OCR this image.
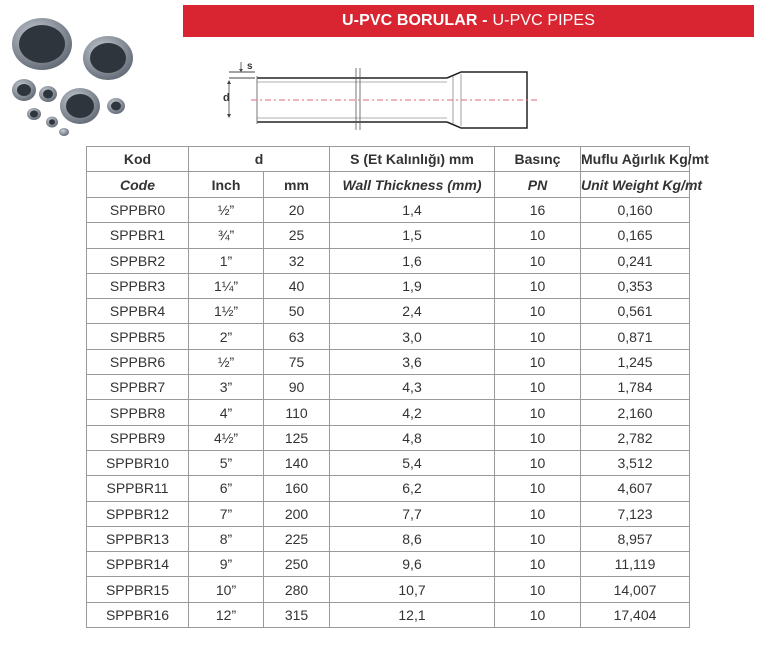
U-PVC BORULAR - U-PVC PIPES
s
d
Kod	d		S (Et Kalınlığı) mm	Basınç	Muflu Ağırlık Kg/mt
Code	Inch	mm	Wall Thickness (mm)	PN	Unit Weight Kg/mt
SPPBR0	½”	20	1,4	16	0,160
SPPBR1	¾”	25	1,5	10	0,165
SPPBR2	1”	32	1,6	10	0,241
SPPBR3	1¼”	40	1,9	10	0,353
SPPBR4	1½”	50	2,4	10	0,561
SPPBR5	2”	63	3,0	10	0,871
SPPBR6	½”	75	3,6	10	1,245
SPPBR7	3”	90	4,3	10	1,784
SPPBR8	4”	110	4,2	10	2,160
SPPBR9	4½”	125	4,8	10	2,782
SPPBR10	5”	140	5,4	10	3,512
SPPBR11	6”	160	6,2	10	4,607
SPPBR12	7”	200	7,7	10	7,123
SPPBR13	8”	225	8,6	10	8,957
SPPBR14	9”	250	9,6	10	11,119
SPPBR15	10”	280	10,7	10	14,007
SPPBR16	12”	315	12,1	10	17,404
